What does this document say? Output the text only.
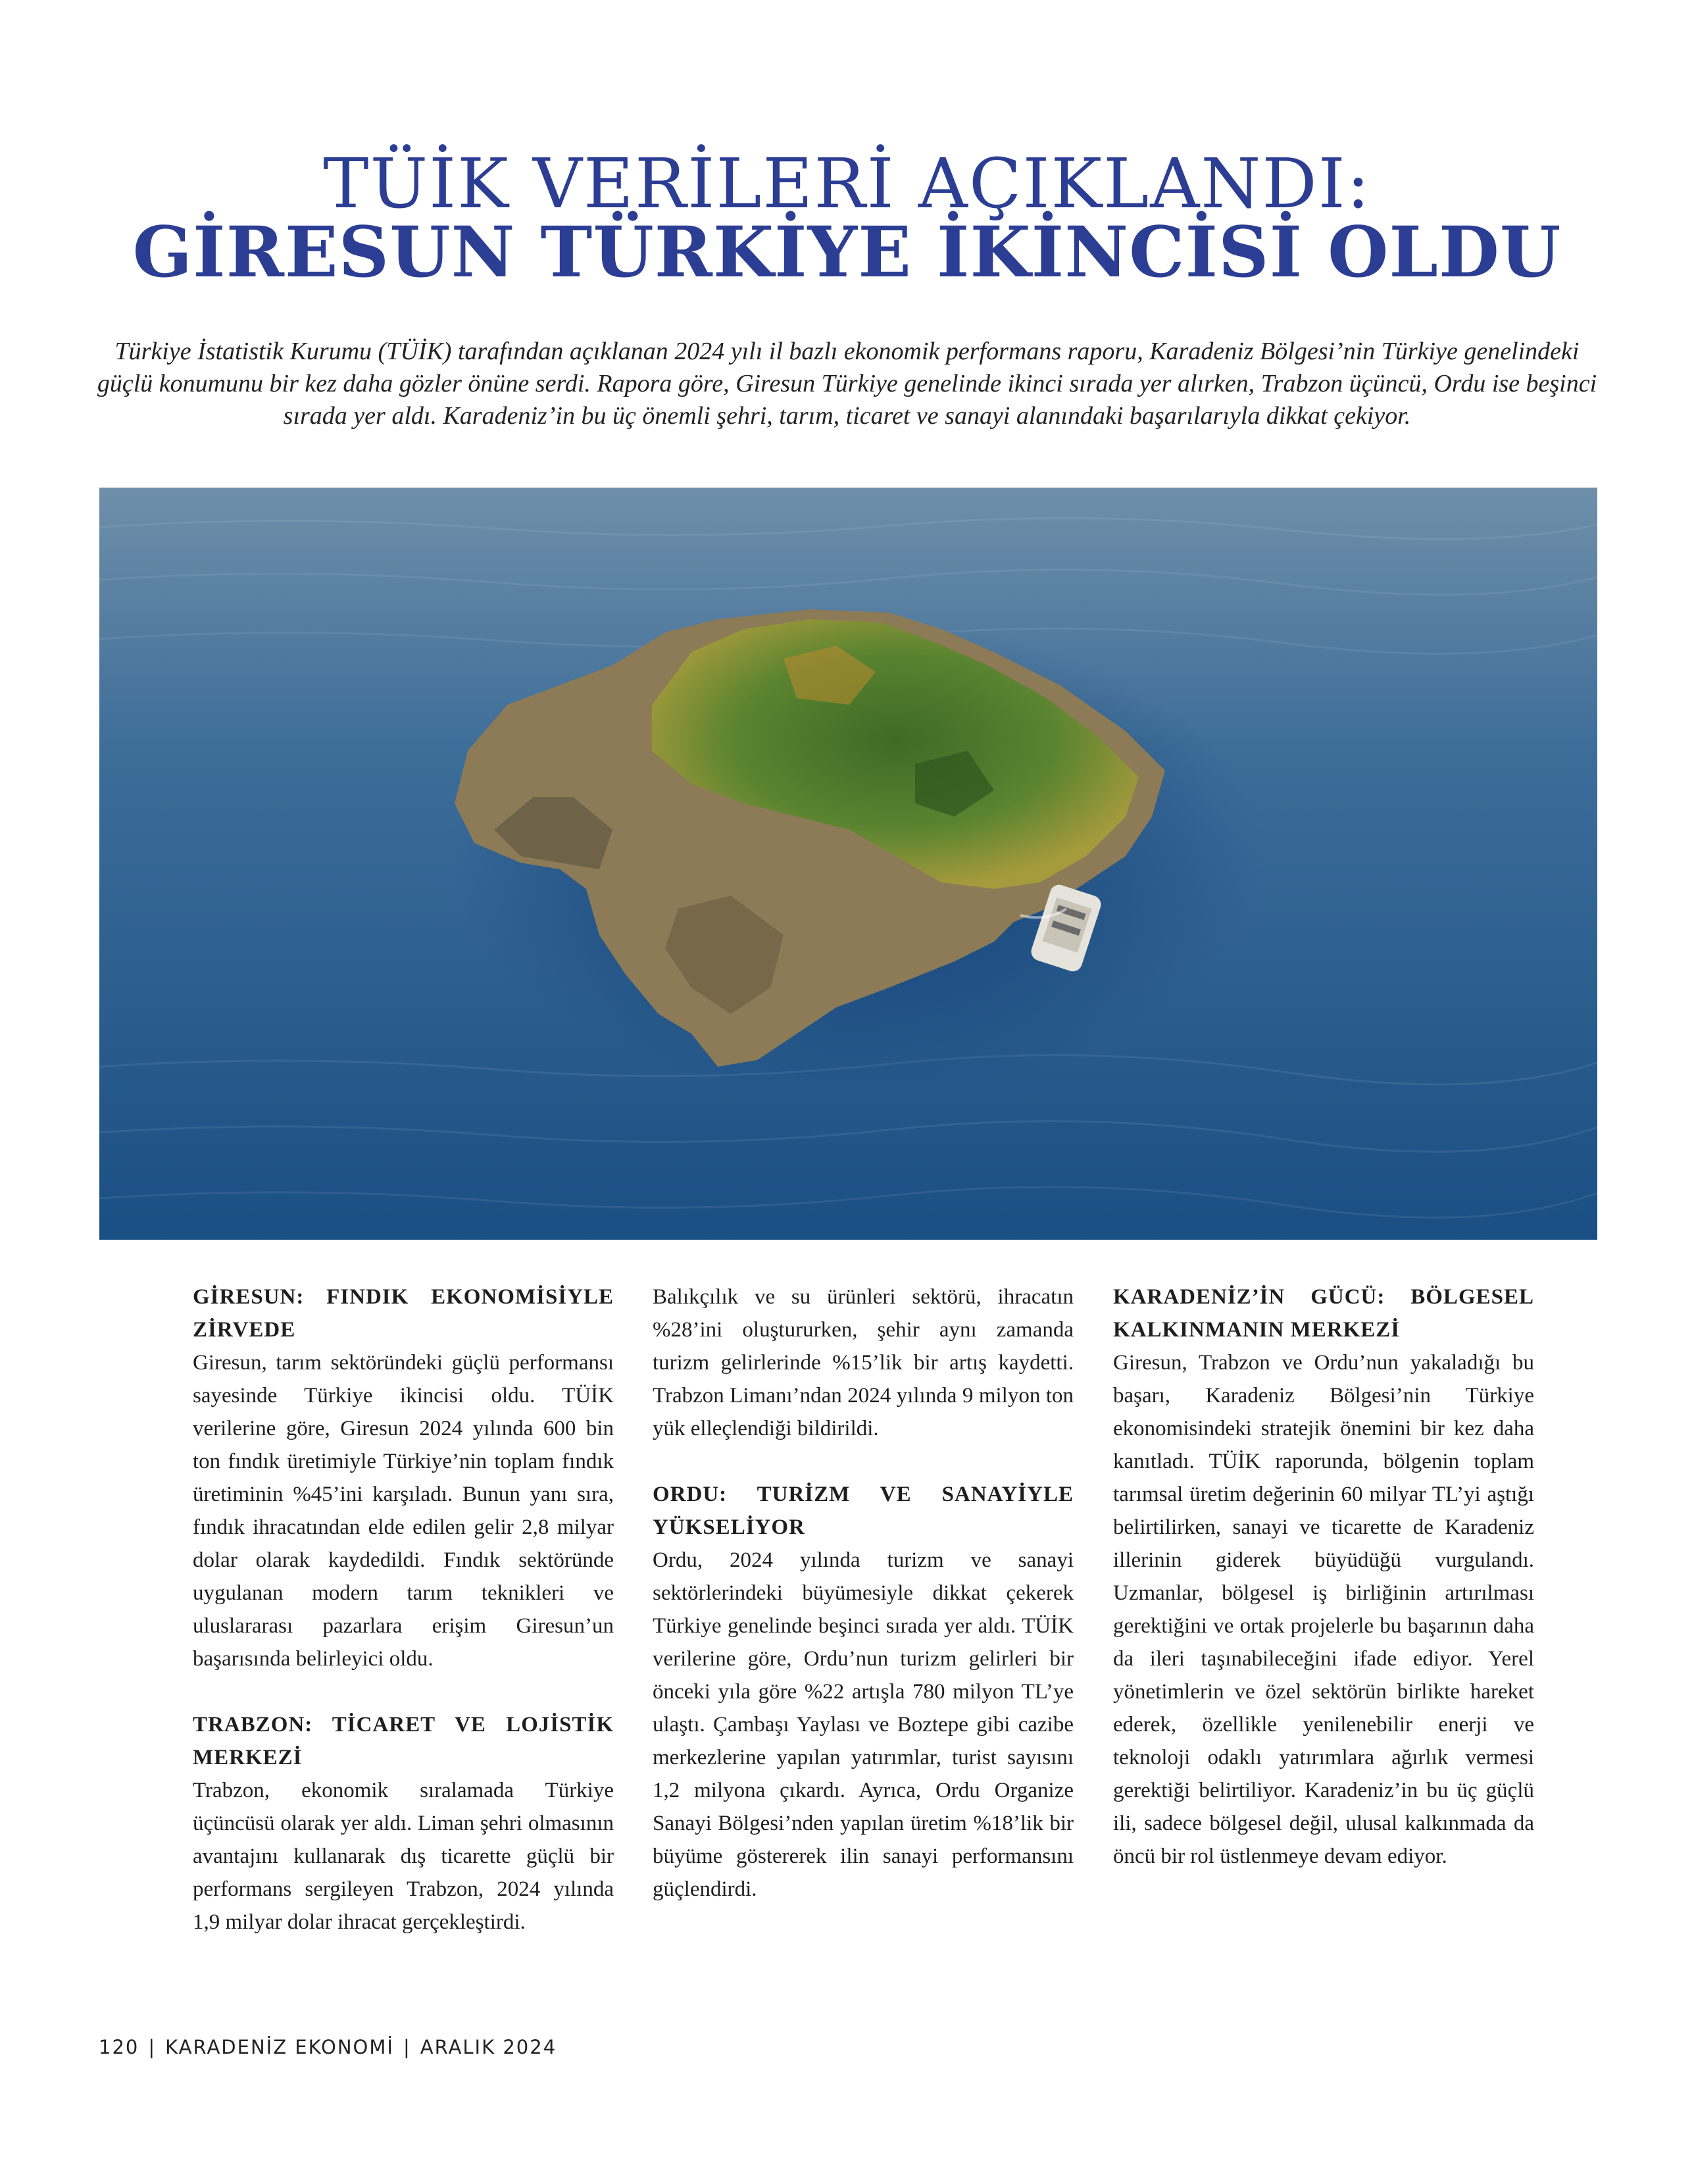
TÜİK VERİLERİ AÇIKLANDI:
GİRESUN TÜRKİYE İKİNCİSİ OLDU
Türkiye İstatistik Kurumu (TÜİK) tarafından açıklanan 2024 yılı il bazlı ekonomik performans raporu, Karadeniz Bölgesi’nin Türkiye genelindeki güçlü konumunu bir kez daha gözler önüne serdi. Rapora göre, Giresun Türkiye genelinde ikinci sırada yer alırken, Trabzon üçüncü, Ordu ise beşinci sırada yer aldı. Karadeniz’in bu üç önemli şehri, tarım, ticaret ve sanayi alanındaki başarılarıyla dikkat çekiyor.
GİRESUN: FINDIK EKONOMİSİYLE ZİRVEDE

Giresun, tarım sektöründeki güçlü performansı sayesinde Türkiye ikincisi oldu. TÜİK verilerine göre, Giresun 2024 yılında 600 bin ton fındık üretimiyle Türkiye’nin toplam fındık üretiminin %45’ini karşıladı. Bunun yanı sıra, fındık ihracatından elde edilen gelir 2,8 milyar dolar olarak kaydedildi. Fındık sektöründe uygulanan modern tarım teknikleri ve uluslararası pazarlara erişim Giresun’un başarısında belirleyici oldu.

TRABZON: TİCARET VE LOJİSTİK MERKEZİ

Trabzon, ekonomik sıralamada Türkiye üçüncüsü olarak yer aldı. Liman şehri olmasının avantajını kullanarak dış ticarette güçlü bir performans sergileyen Trabzon, 2024 yılında 1,9 milyar dolar ihracat gerçekleştirdi.

Balıkçılık ve su ürünleri sektörü, ihracatın %28’ini oluştururken, şehir aynı zamanda turizm gelirlerinde %15’lik bir artış kaydetti. Trabzon Limanı’ndan 2024 yılında 9 milyon ton yük elleçlendiği bildirildi.

ORDU: TURİZM VE SANAYİYLE YÜKSELİYOR

Ordu, 2024 yılında turizm ve sanayi sektörlerindeki büyümesiyle dikkat çekerek Türkiye genelinde beşinci sırada yer aldı. TÜİK verilerine göre, Ordu’nun turizm gelirleri bir önceki yıla göre %22 artışla 780 milyon TL’ye ulaştı. Çambaşı Yaylası ve Boztepe gibi cazibe merkezlerine yapılan yatırımlar, turist sayısını 1,2 milyona çıkardı. Ayrıca, Ordu Organize Sanayi Bölgesi’nden yapılan üretim %18’lik bir büyüme göstererek ilin sanayi performansını güçlendirdi.

KARADENİZ’İN GÜCÜ: BÖLGESEL KALKINMANIN MERKEZİ

Giresun, Trabzon ve Ordu’nun yakaladığı bu başarı, Karadeniz Bölgesi’nin Türkiye ekonomisindeki stratejik önemini bir kez daha kanıtladı. TÜİK raporunda, bölgenin toplam tarımsal üretim değerinin 60 milyar TL’yi aştığı belirtilirken, sanayi ve ticarette de Karadeniz illerinin giderek büyüdüğü vurgulandı. Uzmanlar, bölgesel iş birliğinin artırılması gerektiğini ve ortak projelerle bu başarının daha da ileri taşınabileceğini ifade ediyor. Yerel yönetimlerin ve özel sektörün birlikte hareket ederek, özellikle yenilenebilir enerji ve teknoloji odaklı yatırımlara ağırlık vermesi gerektiği belirtiliyor. Karadeniz’in bu üç güçlü ili, sadece bölgesel değil, ulusal kalkınmada da öncü bir rol üstlenmeye devam ediyor.

120 | KARADENİZ EKONOMİ | ARALIK 2024
